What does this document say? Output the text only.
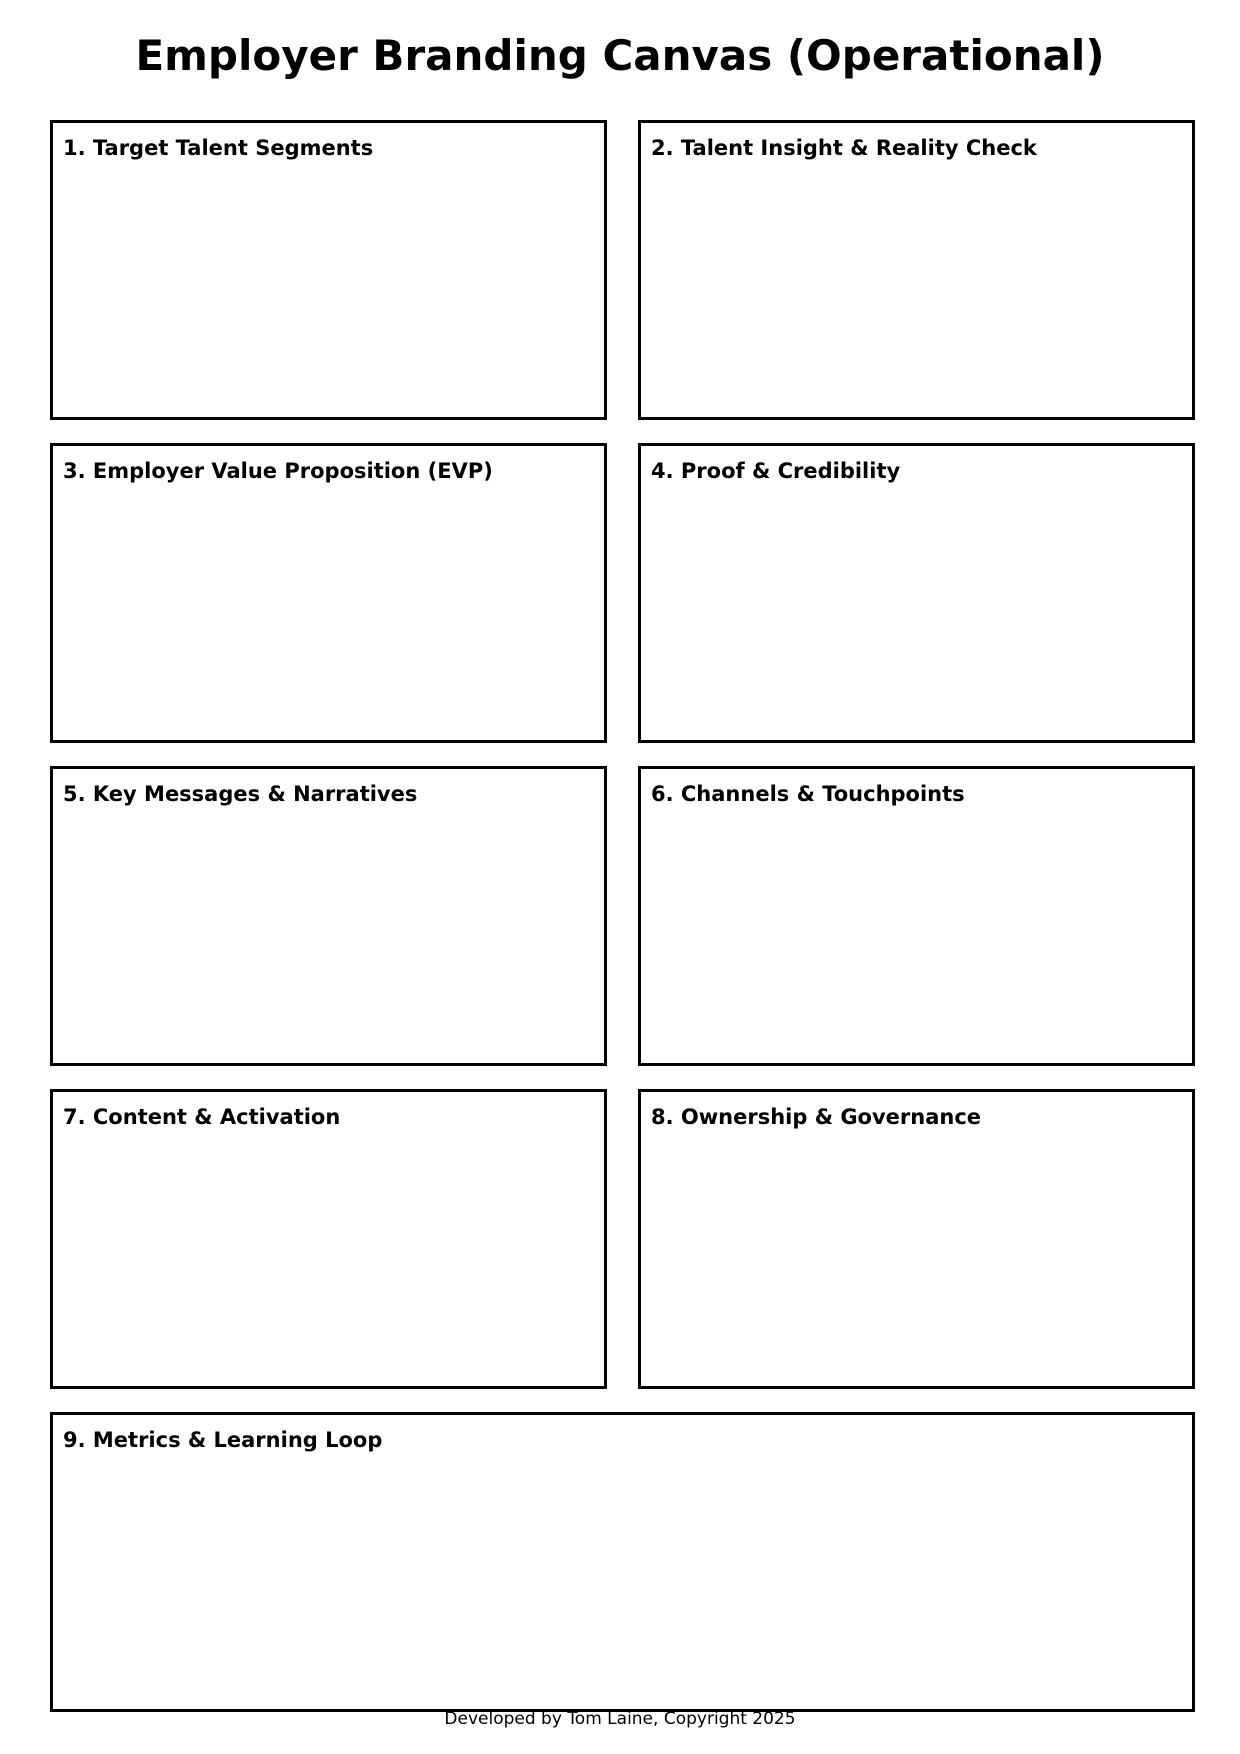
Employer Branding Canvas (Operational)
1. Target Talent Segments	2. Talent Insight & Reality Check
3. Employer Value Proposition (EVP)	4. Proof & Credibility
5. Key Messages & Narratives	6. Channels & Touchpoints
7. Content & Activation	8. Ownership & Governance
9. Metrics & Learning Loop
Developed by Tom Laine, Copyright 2025
